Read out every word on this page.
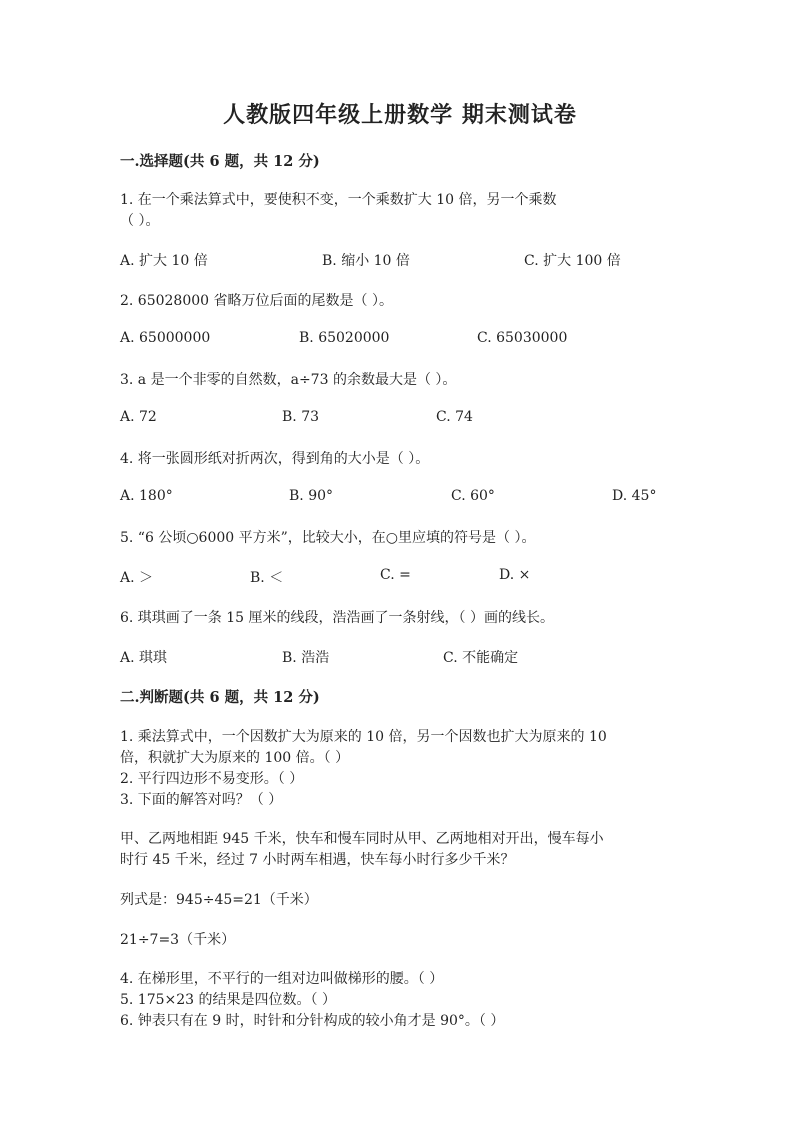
人教版四年级上册数学 期末测试卷
一.选择题(共 6 题，共 12 分)
1. 在一个乘法算式中，要使积不变，一个乘数扩大 10 倍，另一个乘数
（ ）。
A. 扩大 10 倍	B. 缩小 10 倍	C. 扩大 100 倍
2. 65028000 省略万位后面的尾数是（ ）。
A. 65000000	B. 65020000	C. 65030000
3. a 是一个非零的自然数，a÷73 的余数最大是（ ）。
A. 72	B. 73	C. 74
4. 将一张圆形纸对折两次，得到角的大小是（ ）。
A. 180°	B. 90°	C. 60°	D. 45°
5. “6 公顷○6000 平方米”，比较大小，在○里应填的符号是（ ）。
A. ＞	B. ＜	C. =	D. ×
6. 琪琪画了一条 15 厘米的线段，浩浩画了一条射线，（ ）画的线长。
A. 琪琪	B. 浩浩	C. 不能确定
二.判断题(共 6 题，共 12 分)
1. 乘法算式中，一个因数扩大为原来的 10 倍，另一个因数也扩大为原来的 10
倍，积就扩大为原来的 100 倍。（ ）
2. 平行四边形不易变形。（ ）
3. 下面的解答对吗？（ ）
甲、乙两地相距 945 千米，快车和慢车同时从甲、乙两地相对开出，慢车每小
时行 45 千米，经过 7 小时两车相遇，快车每小时行多少千米？
列式是：945÷45=21（千米）
21÷7=3（千米）
4. 在梯形里，不平行的一组对边叫做梯形的腰。（ ）
5. 175×23 的结果是四位数。（ ）
6. 钟表只有在 9 时，时针和分针构成的较小角才是 90°。（ ）
